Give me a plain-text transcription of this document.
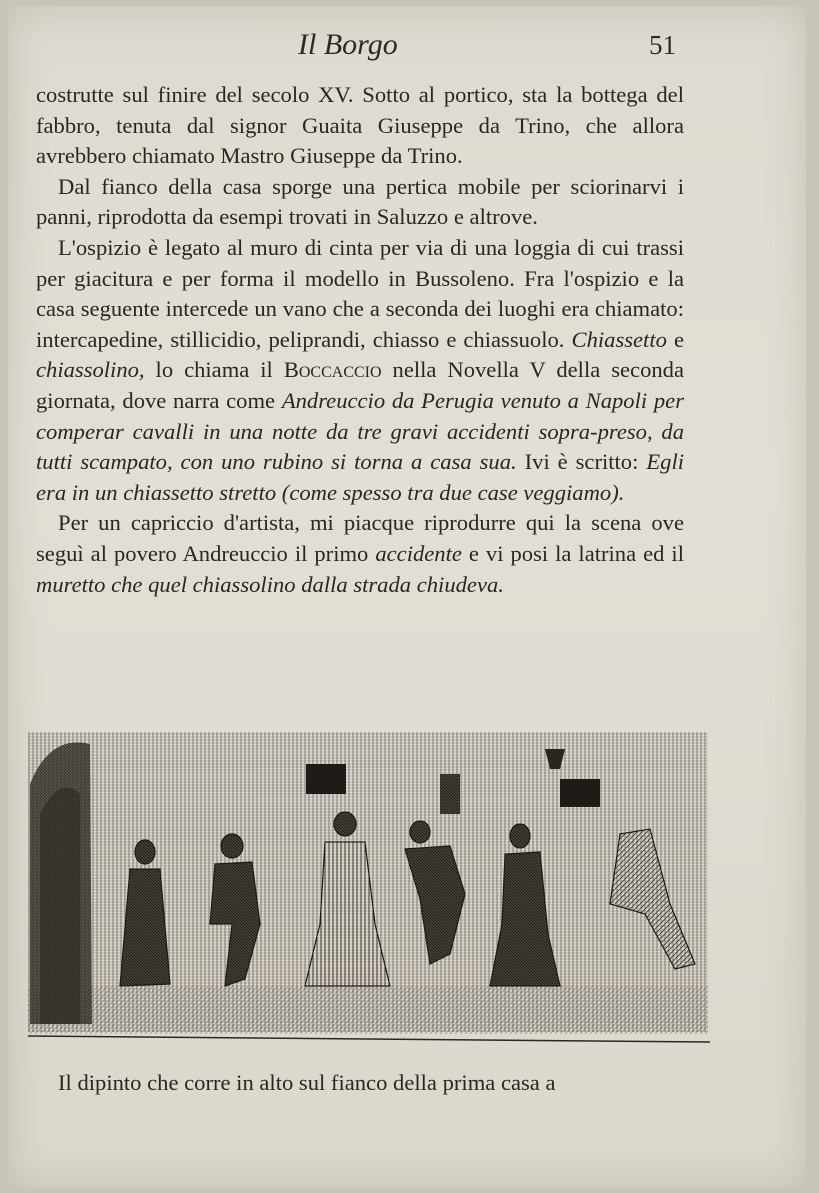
Il Borgo	51

costrutte sul finire del secolo XV. Sotto al portico, sta la bottega del fabbro, tenuta dal signor Guaita Giuseppe da Trino, che allora avrebbero chiamato Mastro Giuseppe da Trino.

Dal fianco della casa sporge una pertica mobile per sciorinarvi i panni, riprodotta da esempi trovati in Saluzzo e altrove.

L'ospizio è legato al muro di cinta per via di una loggia di cui trassi per giacitura e per forma il modello in Bussoleno. Fra l'ospizio e la casa seguente intercede un vano che a seconda dei luoghi era chiamato: intercapedine, stillicidio, peliprandi, chiasso e chiassuolo. Chiassetto e chiassolino, lo chiama il Boccaccio nella Novella V della seconda giornata, dove narra come Andreuccio da Perugia venuto a Napoli per comperar cavalli in una notte da tre gravi accidenti sopra-preso, da tutti scampato, con uno rubino si torna a casa sua. Ivi è scritto: Egli era in un chiassetto stretto (come spesso tra due case veggiamo).

Per un capriccio d'artista, mi piacque riprodurre qui la scena ove seguì al povero Andreuccio il primo accidente e vi posi la latrina ed il muretto che quel chiassolino dalla strada chiudeva.

Il dipinto che corre in alto sul fianco della prima casa a
